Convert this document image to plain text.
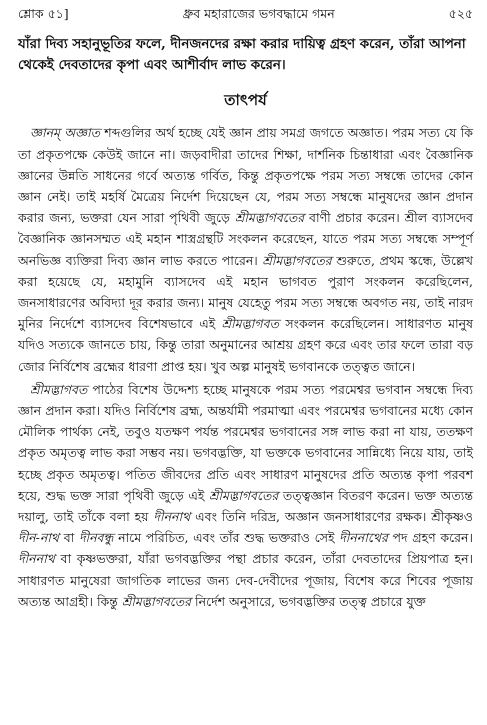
শ্লোক ৫১]	ধ্রুব মহারাজের ভগবদ্ধামে গমন	৫২৫

যাঁরা দিব্য সহানুভূতির ফলে, দীনজনদের রক্ষা করার দায়িত্ব গ্রহণ করেন, তাঁরা আপনা থেকেই দেবতাদের কৃপা এবং আশীর্বাদ লাভ করেন।

তাৎপর্য

জ্ঞানম্ অজ্ঞাত শব্দগুলির অর্থ হচ্ছে যেই জ্ঞান প্রায় সমগ্র জগতে অজ্ঞাত। পরম সত্য যে কি তা প্রকৃতপক্ষে কেউই জানে না। জড়বাদীরা তাদের শিক্ষা, দার্শনিক চিন্তাধারা এবং বৈজ্ঞানিক জ্ঞানের উন্নতি সাধনের গর্বে অত্যন্ত গর্বিত, কিন্তু প্রকৃতপক্ষে পরম সত্য সম্বন্ধে তাদের কোন জ্ঞান নেই। তাই মহর্ষি মৈত্রেয় নির্দেশ দিয়েছেন যে, পরম সত্য সম্বন্ধে মানুষদের জ্ঞান প্রদান করার জন্য, ভক্তরা যেন সারা পৃথিবী জুড়ে শ্রীমদ্ভাগবতের বাণী প্রচার করেন। শ্রীল ব্যাসদেব বৈজ্ঞানিক জ্ঞানসম্মত এই মহান শাস্ত্রগ্রন্থটি সংকলন করেছেন, যাতে পরম সত্য সম্বন্ধে সম্পূর্ণ অনভিজ্ঞ ব্যক্তিরা দিব্য জ্ঞান লাভ করতে পারেন। শ্রীমদ্ভাগবতের শুরুতে, প্রথম স্কন্ধে, উল্লেখ করা হয়েছে যে, মহামুনি ব্যাসদেব এই মহান ভাগবত পুরাণ সংকলন করেছিলেন, জনসাধারণের অবিদ্যা দূর করার জন্য। মানুষ যেহেতু পরম সত্য সম্বন্ধে অবগত নয়, তাই নারদ মুনির নির্দেশে ব্যাসদেব বিশেষভাবে এই শ্রীমদ্ভাগবত সংকলন করেছিলেন। সাধারণত মানুষ যদিও সত্যকে জানতে চায়, কিন্তু তারা অনুমানের আশ্রয় গ্রহণ করে এবং তার ফলে তারা বড় জোর নির্বিশেষ ব্রহ্মের ধারণা প্রাপ্ত হয়। খুব অল্প মানুষই ভগবানকে তত্ত্বত জানে।

শ্রীমদ্ভাগবত পাঠের বিশেষ উদ্দেশ্য হচ্ছে মানুষকে পরম সত্য পরমেশ্বর ভগবান সম্বন্ধে দিব্য জ্ঞান প্রদান করা। যদিও নির্বিশেষ ব্রহ্ম, অন্তর্যামী পরমাত্মা এবং পরমেশ্বর ভগবানের মধ্যে কোন মৌলিক পার্থক্য নেই, তবুও যতক্ষণ পর্যন্ত পরমেশ্বর ভগবানের সঙ্গ লাভ করা না যায়, ততক্ষণ প্রকৃত অমৃতত্ব লাভ করা সম্ভব নয়। ভগবদ্ভক্তি, যা ভক্তকে ভগবানের সান্নিধ্যে নিয়ে যায়, তাই হচ্ছে প্রকৃত অমৃতত্ব। পতিত জীবদের প্রতি এবং সাধারণ মানুষদের প্রতি অত্যন্ত কৃপা পরবশ হয়ে, শুদ্ধ ভক্ত সারা পৃথিবী জুড়ে এই শ্রীমদ্ভাগবতের তত্ত্বজ্ঞান বিতরণ করেন। ভক্ত অত্যন্ত দয়ালু, তাই তাঁকে বলা হয় দীননাথ এবং তিনি দরিদ্র, অজ্ঞান জনসাধারণের রক্ষক। শ্রীকৃষ্ণও দীন-নাথ বা দীনবন্ধু নামে পরিচিত, এবং তাঁর শুদ্ধ ভক্তরাও সেই দীননাথের পদ গ্রহণ করেন। দীননাথ বা কৃষ্ণভক্তরা, যাঁরা ভগবদ্ভক্তির পন্থা প্রচার করেন, তাঁরা দেবতাদের প্রিয়পাত্র হন। সাধারণত মানুষেরা জাগতিক লাভের জন্য দেব-দেবীদের পূজায়, বিশেষ করে শিবের পূজায় অত্যন্ত আগ্রহী। কিন্তু শ্রীমদ্ভাগবতের নির্দেশ অনুসারে, ভগবদ্ভক্তির তত্ত্ব প্রচারে যুক্ত
